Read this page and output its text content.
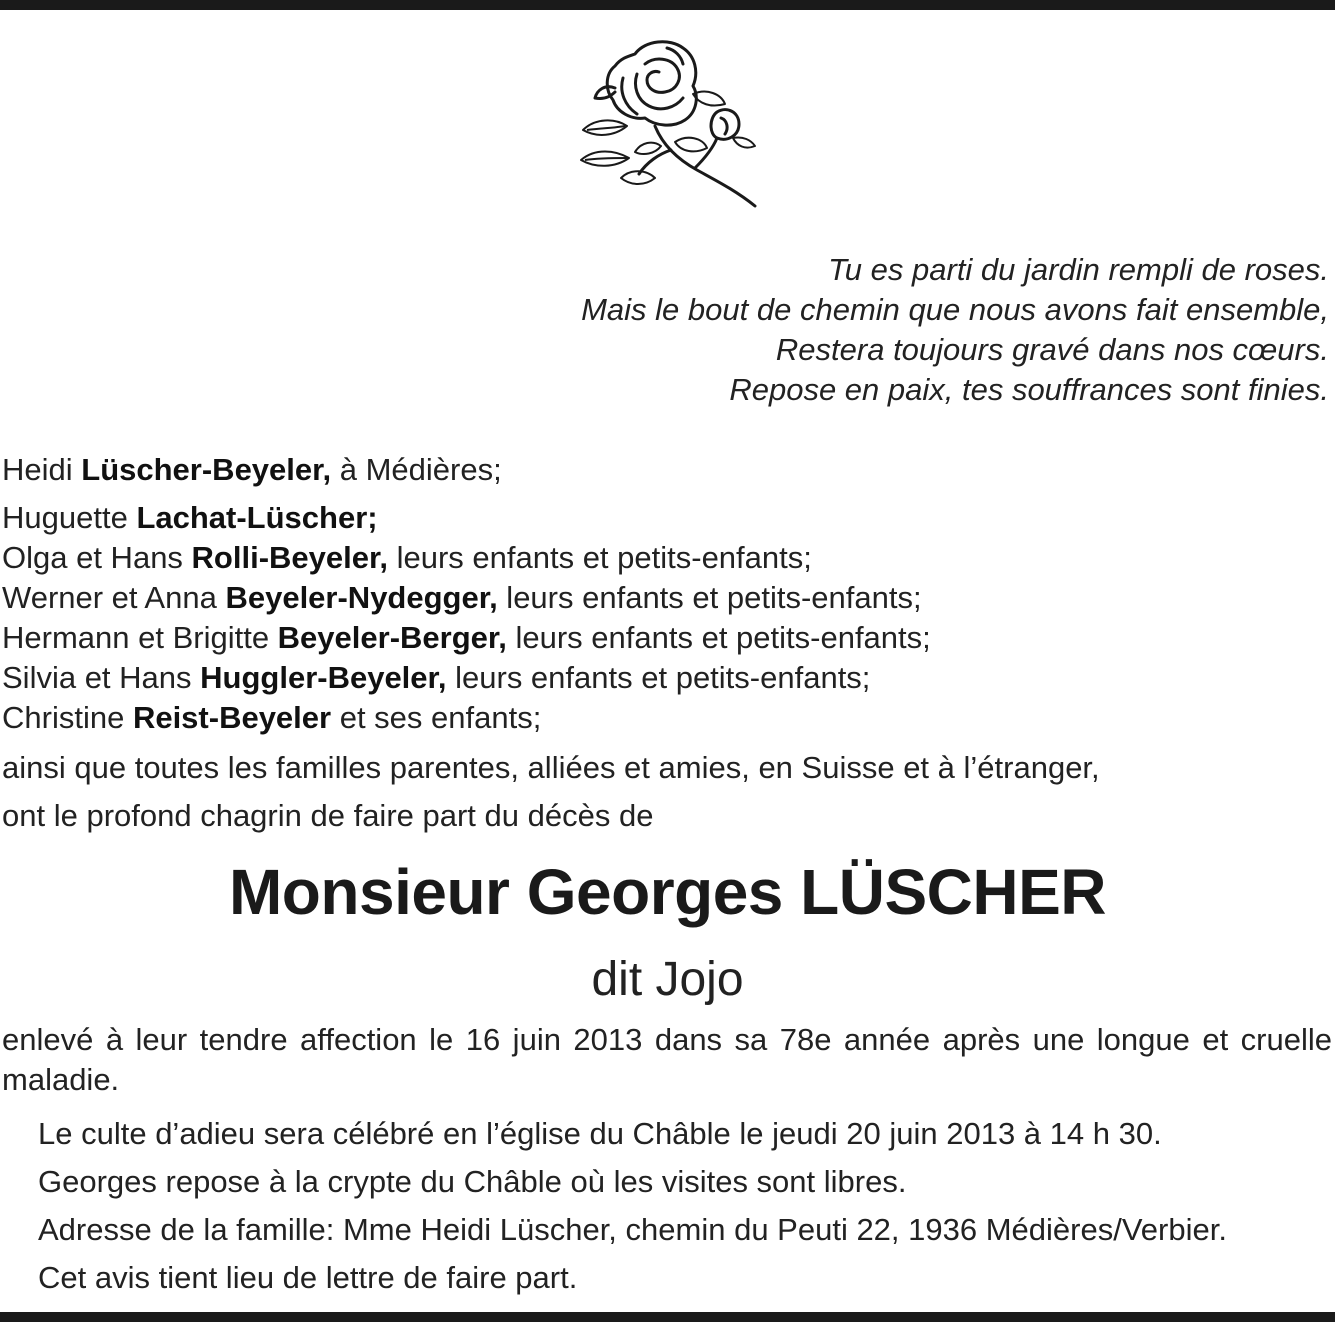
Tu es parti du jardin rempli de roses.
Mais le bout de chemin que nous avons fait ensemble,
Restera toujours gravé dans nos cœurs.
Repose en paix, tes souffrances sont finies.
Heidi Lüscher-Beyeler, à Médières;
Huguette Lachat-Lüscher;
Olga et Hans Rolli-Beyeler, leurs enfants et petits-enfants;
Werner et Anna Beyeler-Nydegger, leurs enfants et petits-enfants;
Hermann et Brigitte Beyeler-Berger, leurs enfants et petits-enfants;
Silvia et Hans Huggler-Beyeler, leurs enfants et petits-enfants;
Christine Reist-Beyeler et ses enfants;
ainsi que toutes les familles parentes, alliées et amies, en Suisse et à l’étranger,
ont le profond chagrin de faire part du décès de
Monsieur Georges LÜSCHER
dit Jojo
enlevé à leur tendre affection le 16 juin 2013 dans sa 78e année après une longue et cruelle maladie.
Le culte d’adieu sera célébré en l’église du Châble le jeudi 20 juin 2013 à 14 h 30.
Georges repose à la crypte du Châble où les visites sont libres.
Adresse de la famille: Mme Heidi Lüscher, chemin du Peuti 22, 1936 Médières/Verbier.
Cet avis tient lieu de lettre de faire part.
